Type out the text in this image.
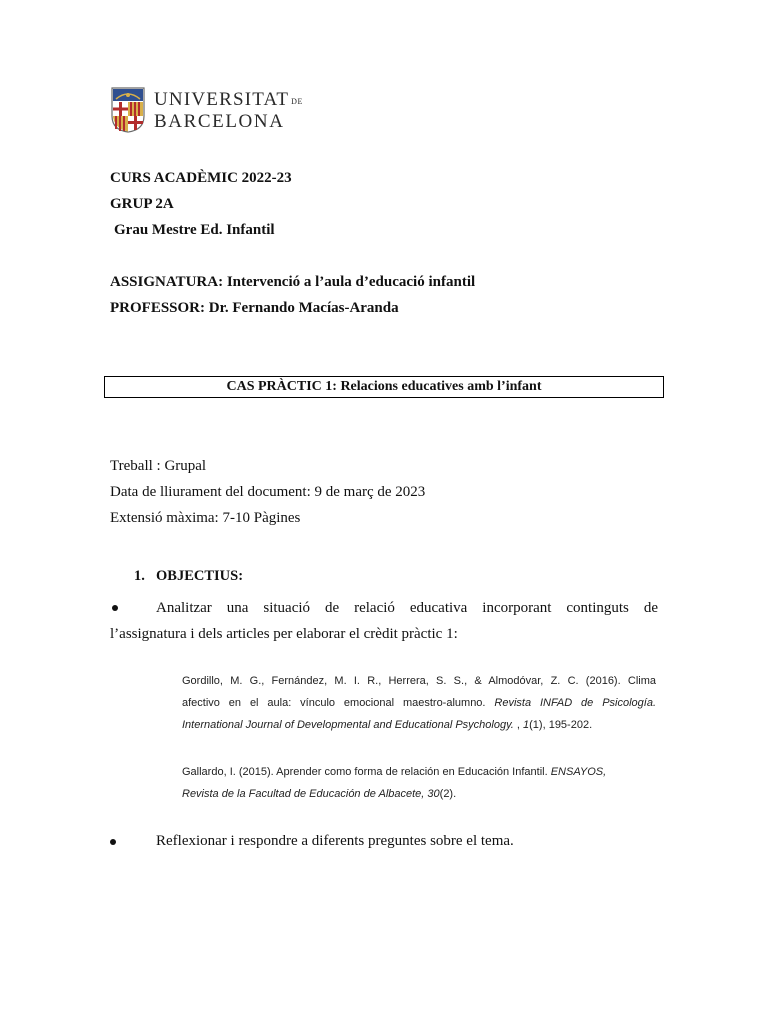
UNIVERSITAT DE
BARCELONA
CURS ACADÈMIC 2022-23
GRUP 2A
Grau Mestre Ed. Infantil
ASSIGNATURA: Intervenció a l’aula d’educació infantil
PROFESSOR: Dr. Fernando Macías-Aranda
CAS PRÀCTIC 1: Relacions educatives amb l’infant
Treball : Grupal
Data de lliurament del document: 9 de març de 2023
Extensió màxima: 7-10 Pàgines
1. OBJECTIUS:
Analitzar una situació de relació educativa incorporant continguts de
l’assignatura i dels articles per elaborar el crèdit pràctic 1:
Gordillo, M. G., Fernández, M. I. R., Herrera, S. S., & Almodóvar, Z. C. (2016). Clima
afectivo en el aula: vínculo emocional maestro-alumno. Revista INFAD de Psicología.
International Journal of Developmental and Educational Psychology. , 1(1), 195-202.
Gallardo, I. (2015). Aprender como forma de relación en Educación Infantil. ENSAYOS,
Revista de la Facultad de Educación de Albacete, 30(2).
Reflexionar i respondre a diferents preguntes sobre el tema.
